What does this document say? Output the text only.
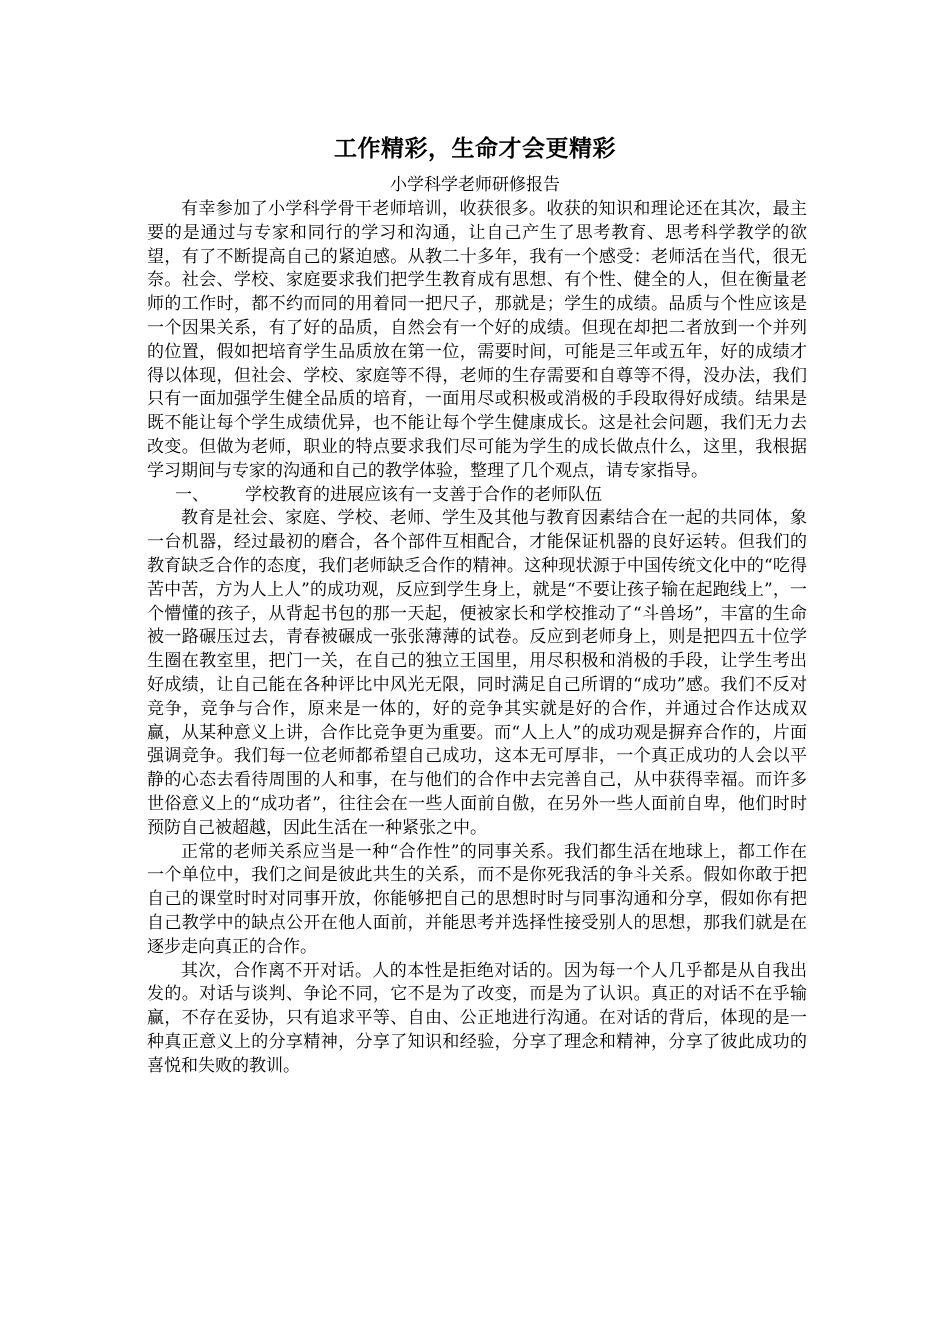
工作精彩，生命才会更精彩
小学科学老师研修报告

有幸参加了小学科学骨干老师培训，收获很多。收获的知识和理论还在其次，最主要的是通过与专家和同行的学习和沟通，让自己产生了思考教育、思考科学教学的欲望，有了不断提高自己的紧迫感。从教二十多年，我有一个感受：老师活在当代，很无奈。社会、学校、家庭要求我们把学生教育成有思想、有个性、健全的人，但在衡量老师的工作时，都不约而同的用着同一把尺子，那就是；学生的成绩。品质与个性应该是一个因果关系，有了好的品质，自然会有一个好的成绩。但现在却把二者放到一个并列的位置，假如把培育学生品质放在第一位，需要时间，可能是三年或五年，好的成绩才得以体现，但社会、学校、家庭等不得，老师的生存需要和自尊等不得，没办法，我们只有一面加强学生健全品质的培育，一面用尽或积极或消极的手段取得好成绩。结果是既不能让每个学生成绩优异，也不能让每个学生健康成长。这是社会问题，我们无力去改变。但做为老师，职业的特点要求我们尽可能为学生的成长做点什么，这里，我根据学习期间与专家的沟通和自己的教学体验，整理了几个观点，请专家指导。

一、 学校教育的进展应该有一支善于合作的老师队伍

教育是社会、家庭、学校、老师、学生及其他与教育因素结合在一起的共同体，象一台机器，经过最初的磨合，各个部件互相配合，才能保证机器的良好运转。但我们的教育缺乏合作的态度，我们老师缺乏合作的精神。这种现状源于中国传统文化中的“吃得苦中苦，方为人上人”的成功观，反应到学生身上，就是“不要让孩子输在起跑线上”，一个懵懂的孩子，从背起书包的那一天起，便被家长和学校推动了“斗兽场”，丰富的生命被一路碾压过去，青春被碾成一张张薄薄的试卷。反应到老师身上，则是把四五十位学生圈在教室里，把门一关，在自己的独立王国里，用尽积极和消极的手段，让学生考出好成绩，让自己能在各种评比中风光无限，同时满足自己所谓的“成功”感。我们不反对竞争，竞争与合作，原来是一体的，好的竞争其实就是好的合作，并通过合作达成双赢，从某种意义上讲，合作比竞争更为重要。而“人上人”的成功观是摒弃合作的，片面强调竞争。我们每一位老师都希望自己成功，这本无可厚非，一个真正成功的人会以平静的心态去看待周围的人和事，在与他们的合作中去完善自己，从中获得幸福。而许多世俗意义上的“成功者”，往往会在一些人面前自傲，在另外一些人面前自卑，他们时时预防自己被超越，因此生活在一种紧张之中。

正常的老师关系应当是一种“合作性”的同事关系。我们都生活在地球上，都工作在一个单位中，我们之间是彼此共生的关系，而不是你死我活的争斗关系。假如你敢于把自己的课堂时时对同事开放，你能够把自己的思想时时与同事沟通和分享，假如你有把自己教学中的缺点公开在他人面前，并能思考并选择性接受别人的思想，那我们就是在逐步走向真正的合作。

其次，合作离不开对话。人的本性是拒绝对话的。因为每一个人几乎都是从自我出发的。对话与谈判、争论不同，它不是为了改变，而是为了认识。真正的对话不在乎输赢，不存在妥协，只有追求平等、自由、公正地进行沟通。在对话的背后，体现的是一种真正意义上的分享精神，分享了知识和经验，分享了理念和精神，分享了彼此成功的喜悦和失败的教训。
